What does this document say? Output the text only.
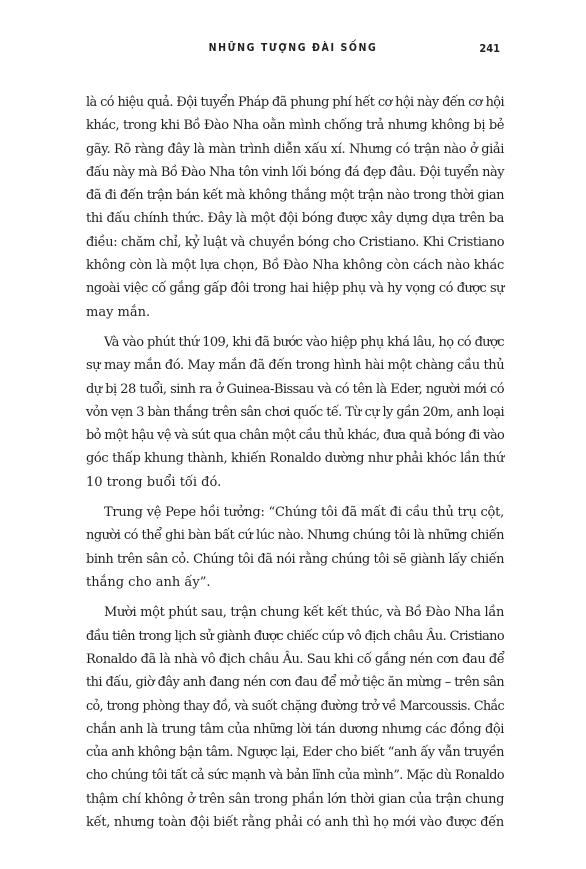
NHỮNG TƯỢNG ĐÀI SỐNG	241
là có hiệu quả. Đội tuyển Pháp đã phung phí hết cơ hội này đến cơ hội
khác, trong khi Bồ Đào Nha oằn mình chống trả nhưng không bị bẻ
gãy. Rõ ràng đây là màn trình diễn xấu xí. Nhưng có trận nào ở giải
đấu này mà Bồ Đào Nha tôn vinh lối bóng đá đẹp đâu. Đội tuyển này
đã đi đến trận bán kết mà không thắng một trận nào trong thời gian
thi đấu chính thức. Đây là một đội bóng được xây dựng dựa trên ba
điều: chăm chỉ, kỷ luật và chuyền bóng cho Cristiano. Khi Cristiano
không còn là một lựa chọn, Bồ Đào Nha không còn cách nào khác
ngoài việc cố gắng gấp đôi trong hai hiệp phụ và hy vọng có được sự
may mắn.
Và vào phút thứ 109, khi đã bước vào hiệp phụ khá lâu, họ có được
sự may mắn đó. May mắn đã đến trong hình hài một chàng cầu thủ
dự bị 28 tuổi, sinh ra ở Guinea-Bissau và có tên là Eder, người mới có
vỏn vẹn 3 bàn thắng trên sân chơi quốc tế. Từ cự ly gần 20m, anh loại
bỏ một hậu vệ và sút qua chân một cầu thủ khác, đưa quả bóng đi vào
góc thấp khung thành, khiến Ronaldo dường như phải khóc lần thứ
10 trong buổi tối đó.
Trung vệ Pepe hồi tưởng: “Chúng tôi đã mất đi cầu thủ trụ cột,
người có thể ghi bàn bất cứ lúc nào. Nhưng chúng tôi là những chiến
binh trên sân cỏ. Chúng tôi đã nói rằng chúng tôi sẽ giành lấy chiến
thắng cho anh ấy”.
Mười một phút sau, trận chung kết kết thúc, và Bồ Đào Nha lần
đầu tiên trong lịch sử giành được chiếc cúp vô địch châu Âu. Cristiano
Ronaldo đã là nhà vô địch châu Âu. Sau khi cố gắng nén cơn đau để
thi đấu, giờ đây anh đang nén cơn đau để mở tiệc ăn mừng – trên sân
cỏ, trong phòng thay đồ, và suốt chặng đường trở về Marcoussis. Chắc
chắn anh là trung tâm của những lời tán dương nhưng các đồng đội
của anh không bận tâm. Ngược lại, Eder cho biết “anh ấy vẫn truyền
cho chúng tôi tất cả sức mạnh và bản lĩnh của mình”. Mặc dù Ronaldo
thậm chí không ở trên sân trong phần lớn thời gian của trận chung
kết, nhưng toàn đội biết rằng phải có anh thì họ mới vào được đến
